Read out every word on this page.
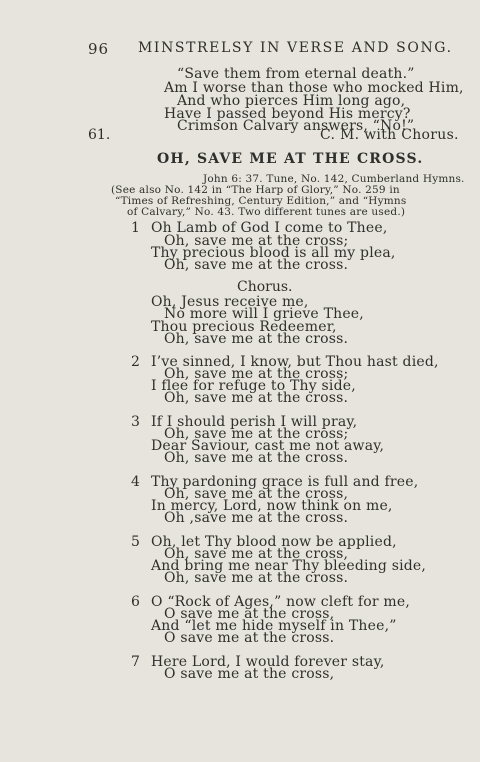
96 MINSTRELSY IN VERSE AND SONG.
“Save them from eternal death.”
Am I worse than those who mocked Him,
And who pierces Him long ago,
Have I passed beyond His mercy?
Crimson Calvary answers, “No!”
61.	C. M. with Chorus.
OH, SAVE ME AT THE CROSS.
John 6: 37. Tune, No. 142, Cumberland Hymns.
(See also No. 142 in “The Harp of Glory,” No. 259 in
“Times of Refreshing, Century Edition,” and “Hymns
of Calvary,” No. 43. Two different tunes are used.)
1 Oh Lamb of God I come to Thee,
Oh, save me at the cross;
Thy precious blood is all my plea,
Oh, save me at the cross.
Chorus.
Oh, Jesus receive me,
No more will I grieve Thee,
Thou precious Redeemer,
Oh, save me at the cross.
2 I’ve sinned, I know, but Thou hast died,
Oh, save me at the cross;
I flee for refuge to Thy side,
Oh, save me at the cross.
3 If I should perish I will pray,
Oh, save me at the cross;
Dear Saviour, cast me not away,
Oh, save me at the cross.
4 Thy pardoning grace is full and free,
Oh, save me at the cross,
In mercy, Lord, now think on me,
Oh ,save me at the cross.
5 Oh, let Thy blood now be applied,
Oh, save me at the cross,
And bring me near Thy bleeding side,
Oh, save me at the cross.
6 O “Rock of Ages,” now cleft for me,
O save me at the cross,
And “let me hide myself in Thee,”
O save me at the cross.
7 Here Lord, I would forever stay,
O save me at the cross,
